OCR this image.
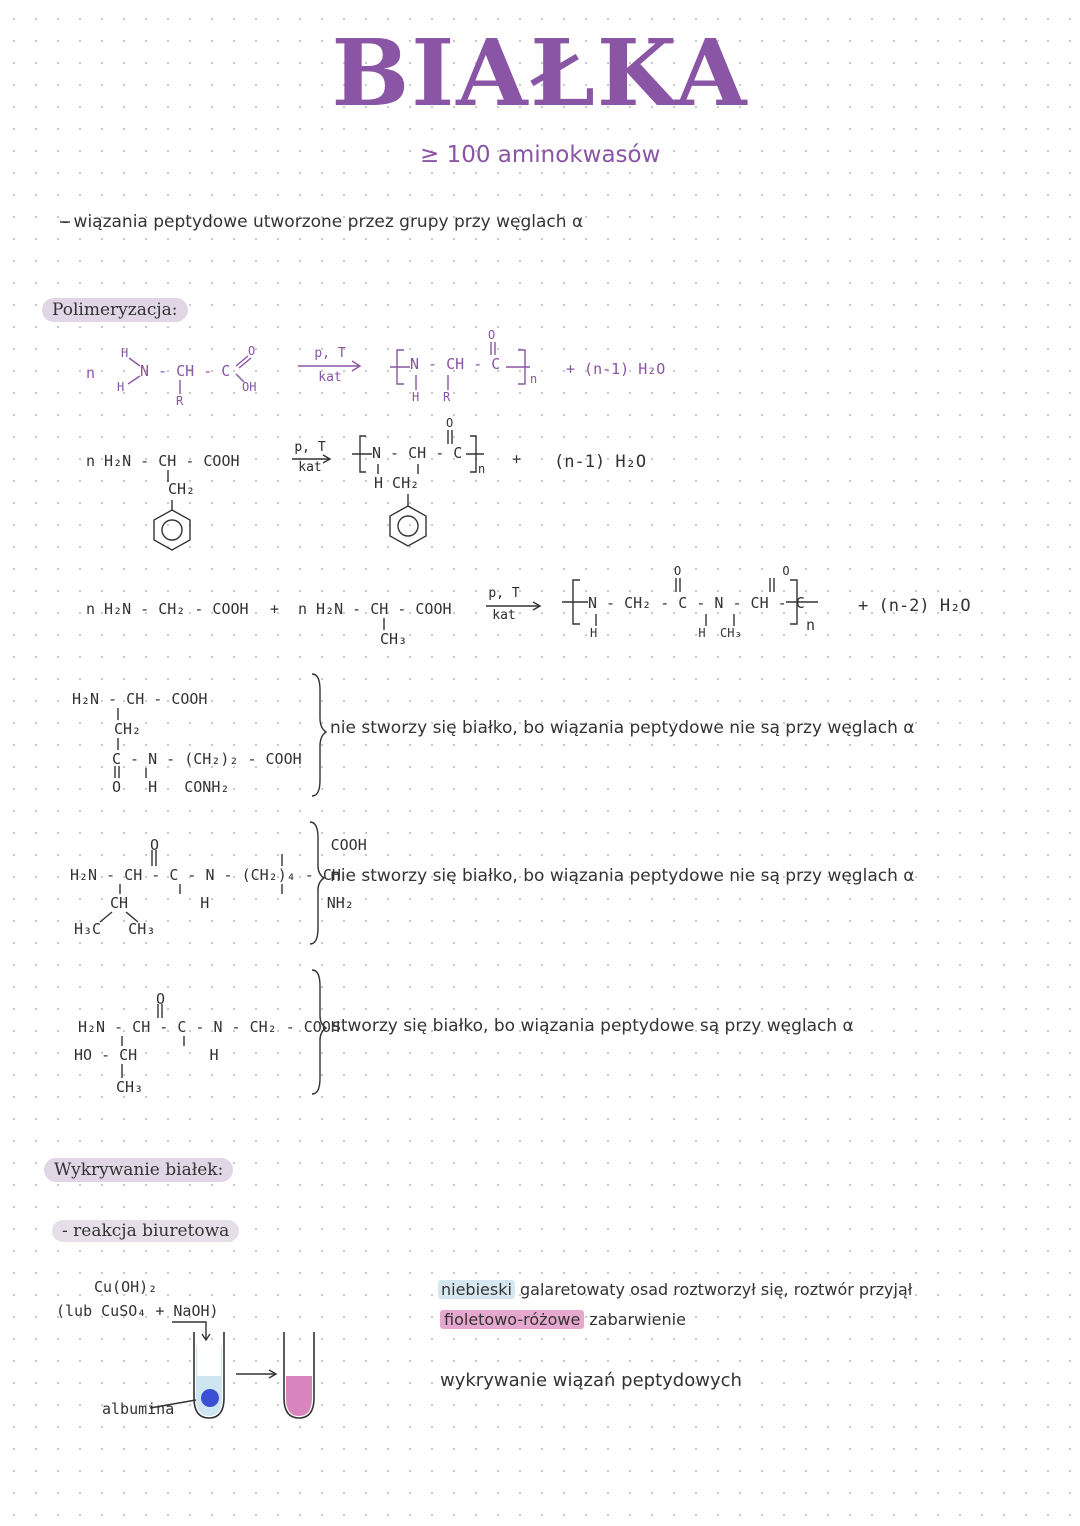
BIAŁKA
≥ 100 aminokwasów
- wiązania peptydowe utworzone przez grupy przy węglach α
Polimeryzacja:
n
H
N - CH - C
H
O
OH
R
p, T
kat
O
N - CH - C
H R
n
+ (n-1) H₂O
n H₂N - CH - COOH
CH₂
p, T
kat
O
N - CH - C
H CH₂
n
+ (n-1) H₂O
n H₂N - CH₂ - COOH + n H₂N - CH - COOH
CH₃
p, T
kat
O              O
N - CH₂ - C - N - CH - C
H              H  CH₃	n
+ (n-2) H₂O
H₂N - CH - COOH
CH₂
C - N - (CH₂)₂ - COOH
O   H   CONH₂
nie stworzy się białko, bo wiązania peptydowe nie są przy węglach α
O                   COOH
H₂N - CH - C - N - (CH₂)₄ - CH
CH        H             NH₂
H₃C   CH₃
nie stworzy się białko, bo wiązania peptydowe nie są przy węglach α
O
H₂N - CH - C - N - CH₂ - COOH
HO - CH        H
CH₃
stworzy się białko, bo wiązania peptydowe są przy węglach α
Wykrywanie białek:
- reakcja biuretowa
Cu(OH)₂
(lub CuSO₄ + NaOH)
albumina
niebieski galaretowaty osad roztworzył się, roztwór przyjął
fioletowo-różowe zabarwienie
wykrywanie wiązań peptydowych
